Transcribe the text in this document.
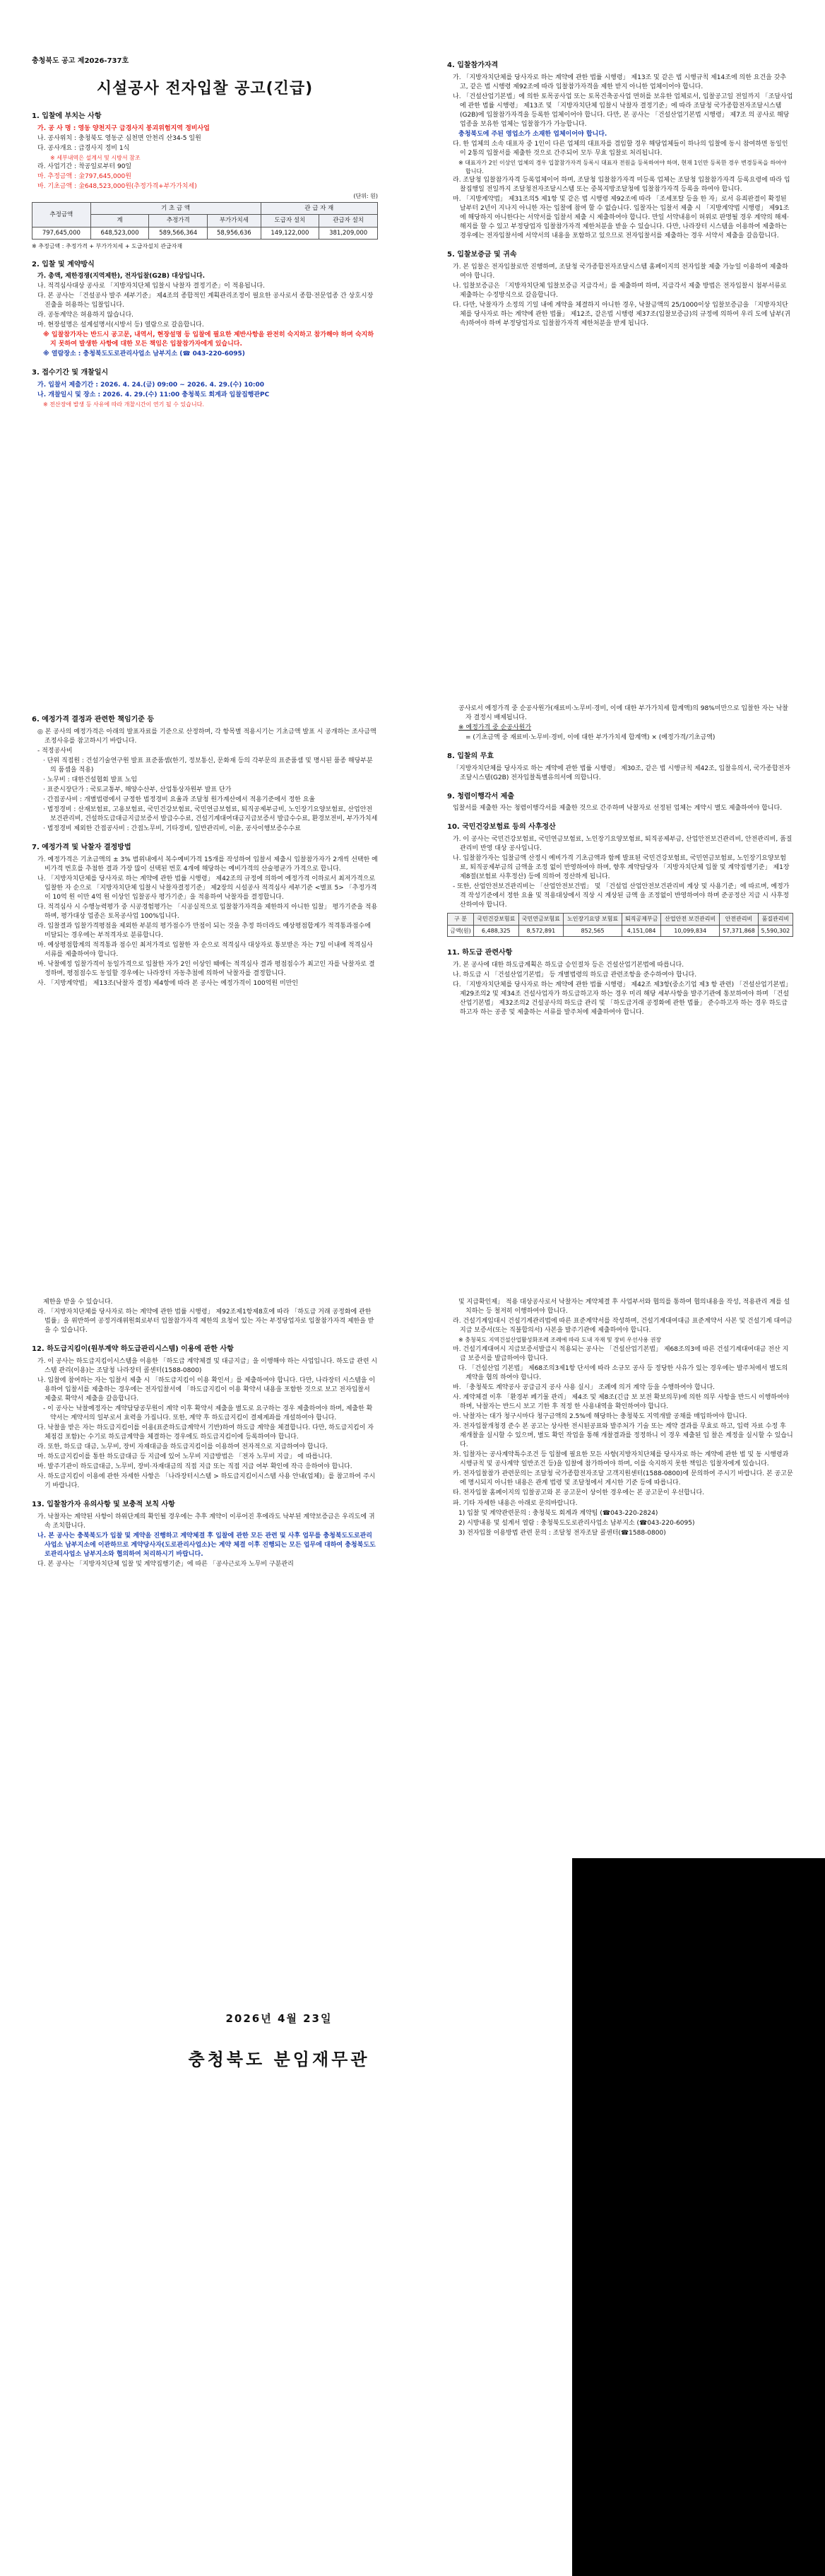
충청북도 공고 제2026-737호
시설공사 전자입찰 공고(긴급)
1. 입찰에 부치는 사항
가. 공 사 명 : 영동 양천지구 급경사지 붕괴위험지역 정비사업
나. 공사위치 : 충청북도 영동군 심천면 안천리 산34-5 일원
다. 공사개요 : 급경사지 정비 1식
※ 세부내역은 설계서 및 시방서 참조
라. 사업기간 : 착공일로부터 90일
마. 추정금액 : 金797,645,000원
바. 기초금액 : 金648,523,000원(추정가격+부가가치세)
(단위: 원)
추정금액	기 초 금 액			관 급 자 재	
	계	추정가격	부가가치세	도급자 설치	관급자 설치
797,645,000	648,523,000	589,566,364	58,956,636	149,122,000	381,209,000
※ 추정금액 : 추정가격 + 부가가치세 + 도급자설치 관급자재
2. 입찰 및 계약방식
가. 총액, 제한경쟁(지역제한), 전자입찰(G2B) 대상입니다.
나. 적격심사대상 공사로 「지방자치단체 입찰시 낙찰자 결정기준」이 적용됩니다.
다. 본 공사는 「건설공사 발주 세부기준」 제4조의 종합적인 계획관리조정이 필요한 공사로서 종합·전문업종 간 상호시장 진출을 허용하는 입찰입니다.
라. 공동계약은 허용하지 않습니다.
마. 현장설명은 설계설명서(시방서 등) 열람으로 갈음합니다.
※ 입찰참가자는 반드시 공고문, 내역서, 현장설명 등 입찰에 필요한 제반사항을 완전히 숙지하고 참가해야 하며 숙지하지 못하여 발생한 사항에 대한 모든 책임은 입찰참가자에게 있습니다.
※ 열람장소 : 충청북도도로관리사업소 남부지소 (☎ 043-220-6095)
3. 접수기간 및 개찰일시
가. 입찰서 제출기간 : 2026. 4. 24.(금) 09:00 ~ 2026. 4. 29.(수) 10:00
나. 개찰일시 및 장소 : 2026. 4. 29.(수) 11:00 충청북도 회계과 입찰집행관PC
※ 전산장애 발생 등 사유에 따라 개찰시간이 연기 될 수 있습니다.
4. 입찰참가자격
가. 「지방자치단체를 당사자로 하는 계약에 관한 법률 시행령」 제13조 및 같은 법 시행규칙 제14조에 의한 요건을 갖추고, 같은 법 시행령 제92조에 따라 입찰참가자격을 제한 받지 아니한 업체이어야 합니다.
나. 「건설산업기본법」에 의한 토목공사업 또는 토목건축공사업 면허를 보유한 업체로서, 입찰공고일 전일까지 「조달사업에 관한 법률 시행령」 제13조 및 「지방자치단체 입찰시 낙찰자 결정기준」에 따라 조달청 국가종합전자조달시스템(G2B)에 입찰참가자격을 등록한 업체이어야 합니다. 다만, 본 공사는 「건설산업기본법 시행령」 제7조 의 공사로 해당 업종을 보유한 업체는 입찰참가가 가능합니다.
충청북도에 주된 영업소가 소재한 업체이어야 합니다.
다. 한 업체의 소속 대표자 중 1인이 다른 업체의 대표자를 겸임할 경우 해당업체들이 하나의 입찰에 동시 참여하면 동일인이 2통의 입찰서를 제출한 것으로 간주되어 모두 무효 입찰로 처리됩니다.
※ 대표자가 2인 이상인 업체의 경우 입찰참가자격 등록시 대표자 전원을 등록하여야 하며, 현재 1인만 등록한 경우 변경등록을 하여야 합니다.
라. 조달청 입찰참가자격 등록업체이어 하며, 조달청 입찰참가자격 미등록 업체는 조달청 입찰참가자격 등록요령에 따라 입찰집행일 전일까지 조달청전자조달시스템 또는 중복지방조달청에 입찰참가자격 등록을 하여야 합니다.
마. 「지방계약법」 제31조의5 제1항 및 같은 법 시행령 제92조에 따라 「조세포탈 등을 한 자」로서 유죄판결이 확정된 날부터 2년이 지나지 아니한 자는 입찰에 참여 할 수 없습니다. 입찰자는 입찰서 제출 시 「지방계약법 시행령」 제91조에 해당하지 아니한다는 서약서를 입찰서 제출 시 제출하여야 합니다. 만일 서약내용이 허위로 판명될 경우 계약의 해제·해지를 할 수 있고 부정당업자 입찰참가자격 제한처분을 받을 수 있습니다. 다만, 나라장터 시스템을 이용하여 제출하는 경우에는 전자입찰서에 서약서의 내용을 포함하고 있으므로 전자입찰서를 제출하는 경우 서약서 제출을 갈음합니다.
5. 입찰보증금 및 귀속
가. 본 입찰은 전자입찰로만 진행하며, 조달청 국가종합전자조달시스템 홈페이지의 전자입찰 제출 가능일 이용하여 제출하여야 합니다.
나. 입찰보증금은 「지방자치단체 입찰보증금 지급각서」를 제출하며 하며, 지급각서 제출 방법은 전자입찰시 첨부서류로 제출하는 수정방식으로 갈음합니다.
다. 다만, 낙찰자가 소정의 기일 내에 계약을 체결하지 아니한 경우, 낙찰금액의 25/1000이상 입찰보증금을 「지방자치단체를 당사자로 하는 계약에 관한 법률」 제12조, 같은법 시행령 제37조(입찰보증금)의 규정에 의하여 우리 도에 납부(귀속)하여야 하며 부정당업자로 입찰참가자격 제한처분을 받게 됩니다.
6. 예정가격 결정과 관련한 책임기준 등
◎ 본 공사의 예정가격은 아래의 발표자료를 기준으로 산정하며, 각 항목별 적용시기는 기초금액 발표 시 공개하는 조사금액조정사유를 참고하시기 바랍니다.
- 적정공사비
· 단위 직접원 : 건설기술연구원 발표 표준품셈(한기, 정보통신, 문화재 등의 각부문의 표준품셈 및 명시된 품종 해당부분의 품셈을 적용)
· 노무비 : 대한건설협회 발표 노임
· 표준시장단가 : 국토교통부, 해양수산부, 산업통상자원부 발표 단가
· 간접공사비 : 개별법령에서 규정한 법정경비 요율과 조달청 원가계산에서 적용기준에서 정한 요율
· 법정경비 : 산재보험료, 고용보험료, 국민건강보험료, 국민연금보험료, 퇴직공제부금비, 노인장기요양보험료, 산업안전보건관리비, 건설하도급대금지급보증서 발급수수료, 건설기계대여대금지급보증서 발급수수료, 환경보전비, 부가가치세
· 법정경비 제외한 간접공사비 : 간접노무비, 기타경비, 일반관리비, 이윤, 공사이행보증수수료
7. 예정가격 및 낙찰자 결정방법
가. 예정가격은 기초금액의 ± 3% 범위내에서 복수예비가격 15개를 작성하여 입찰서 제출시 입찰참가자가 2개씩 선택한 예비가격 번호를 추첨한 결과 가장 많이 선택된 번호 4개에 해당하는 예비가격의 산술평균가 가격으로 합니다.
나. 「지방자치단체를 당사자로 하는 계약에 관한 법률 시행령」 제42조의 규정에 의하여 예정가격 이하로서 최저가격으로 입찰한 자 순으로 「지방자치단체 입찰시 낙찰자결정기준」 제2장의 시설공사 적격심사 세부기준 <별표 5> 「추정가격이 10억 원 이만 4억 원 이상인 입찰공사 평가기준」을 적용하여 낙찰자를 결정합니다.
다. 적격심사 시 수행능력평가 중 시공경험평가는 「시공실적으로 입찰참가자격을 제한하지 아니한 입찰」 평가기준을 적용하며, 평가대상 업종은 토목공사업 100%입니다.
라. 입찰결과 입찰가격평점을 제외한 부분의 평가점수가 만점이 되는 것을 추정 하더라도 예상평점합계가 적격통과점수에 미달되는 경우에는 부적격자로 분류합니다.
마. 예상평점합계의 적격통과 점수인 최저가격로 입찰한 자 순으로 적격심사 대상자로 통보받은 자는 7일 이내에 적격심사서류를 제출하여야 합니다.
바. 낙찰예정 입찰가격이 동일가격으로 입찰한 자가 2인 이상인 때에는 적격심사 결과 평점점수가 최고인 자를 낙찰자로 결정하며, 평점점수도 동일할 경우에는 나라장터 자동추첨에 의하여 낙찰자를 결정합니다.
사. 「지방계약법」 제13조(낙찰자 결정) 제4항에 따라 본 공사는 예정가격이 100억원 미만인
공사로서 예정가격 중 순공사원가(재료비·노무비·경비, 이에 대한 부가가치세 합계액)의 98%미만으로 입찰한 자는 낙찰자 결정시 배제됩니다.
※ 예정가격 중 순공사원가
= (기초금액 중 재료비·노무비·경비, 이에 대한 부가가치세 합계액) × (예정가격/기초금액)
8. 입찰의 무효
「지방자치단체를 당사자로 하는 계약에 관한 법률 시행령」 제30조, 같은 법 시행규칙 제42조, 입찰유의서, 국가종합전자조달시스템(G2B) 전자입찰특별유의서에 의합니다.
9. 청렴이행각서 제출
입찰서를 제출한 자는 청렴이행각서를 제출한 것으로 간주하며 낙찰자로 선정된 업체는 계약시 별도 제출하여야 합니다.
10. 국민건강보험료 등의 사후정산
가. 이 공사는 국민건강보험료, 국민연금보험료, 노인장기요양보험료, 퇴직공제부금, 산업안전보건관리비, 안전관리비, 품질관리비 반영 대상 공사입니다.
나. 입찰참가자는 입찰금액 산정시 예비가격 기초금액과 함께 발표된 국민건강보험료, 국민연금보험료, 노인장기요양보험료, 퇴직공제부금의 금액을 조정 없이 반영하여야 하며, 향후 계약담당자 「지방자치단체 입찰 및 계약집행기준」 제1장 제8절(보험료 사후정산) 등에 의하여 정산하게 됩니다.
- 또한, 산업안전보건관리비는 「산업안전보건법」 및 「건설업 산업안전보건관리비 계상 및 사용기준」에 따르며, 예정가격 작성기준에서 정한 요율 및 적용대상에서 직상 시 계상된 금액 을 조정없이 반영하여야 하며 준공정산 지급 시 사후정산하여야 합니다.
구 분	국민건강보험료	국민연금보험료	노인장기요양 보험료	퇴직공제부금	산업안전 보건관리비	안전관리비	품질관리비
금액(원)	6,488,325	8,572,891	852,565	4,151,084	10,099,834	57,371,868	5,590,302
11. 하도급 관련사항
가. 본 공사에 대한 하도급계획은 하도급 승인절차 등은 건설산업기본법에 따릅니다.
나. 하도급 시 「건설산업기본법」 등 개별법령의 하도급 관련조항을 준수하여야 합니다.
다. 「지방자치단체를 당사자로 하는 계약에 관한 법률 시행령」 제42조 제3항(중소기업 제3 항 관련) 「건설산업기본법」 제29조의2 및 제34조 건설사업자가 하도급하고자 하는 경우 미리 해당 세부사항을 발주기관에 통보하여야 하며 「건설산업기본법」 제32조의2 건설공사의 하도급 관리 및 「하도급거래 공정화에 관한 법률」 준수하고자 하는 경우 하도급하고자 하는 공종 및 제출하는 서류를 발주처에 제출하여야 합니다.
제한을 받을 수 있습니다.
라. 「지방자치단체를 당사자로 하는 계약에 관한 법률 시행령」 제92조제1항제8호에 따라 「하도급 거래 공정화에 관한 법률」을 위반하여 공정거래위원회로부터 입찰참가자격 제한의 요청이 있는 자는 부정당업자로 입찰참가자격 제한을 받을 수 있습니다.
12. 하도급지킴이(원부계약 하도급관리시스템) 이용에 관한 사항
가. 이 공사는 하도급지킴이시스템을 이용한 「하도급 계약체결 및 대금지급」을 이행해야 하는 사업입니다. 하도급 관련 시스템 관리(이용)는 조달청 나라장터 콜센터(1588-0800)
나. 입찰에 참여하는 자는 입찰서 제출 시 「하도급지킴이 이용 확인서」를 제출하여야 합니다. 다만, 나라장터 시스템을 이용하여 입찰서를 제출하는 경우에는 전자입찰서에 「하도급지킴이 이용 확약서 내용을 포함한 것으로 보고 전자입찰서 제출로 확약서 제출을 갈음합니다.
- 이 공사는 낙찰예정자는 계약담당공무원이 계약 이후 확약서 제출을 별도로 요구하는 경우 제출하여야 하며, 제출한 확약서는 계약서의 일부로서 효력을 가집니다. 또한, 계약 후 하도급지킴이 결제계좌를 개설하여야 합니다.
다. 낙찰을 받은 자는 하도급지킴이를 이용(표준하도급계약서 기반)하여 하도급 계약을 체결합니다. 다만, 하도급지킴이 자체점검 포함)는 수기로 하도급계약을 체결하는 경우에도 하도급지킴이에 등록하여야 합니다.
라. 또한, 하도급 대금, 노무비, 장비 자재대금을 하도급지킴이를 이용하여 전자적으로 지급하여야 합니다.
마. 하도급지킴이를 통한 하도급대금 등 지급에 있어 노무비 지급방법은 「전자 노무비 지급」 에 따릅니다.
바. 발주기관이 하도급대금, 노무비, 장비·자재대금의 직접 지급 또는 직접 지급 여부 확인에 작극 응하여야 합니다.
사. 하도급지킴이 이용에 관한 자세한 사항은 「나라장터시스템 > 하도급지킴이시스템 사용 안내(업체)」를 참고하여 주시기 바랍니다.
13. 입찰참가자 유의사항 및 보충적 보칙 사항
가. 낙찰자는 계약된 사항이 하위단계의 확인될 경우에는 추후 계약이 이루어진 후에라도 낙부된 계약보증금은 우리도에 귀속 조치합니다.
나. 본 공사는 충북북도가 입찰 및 계약을 진행하고 계약체결 후 입찰에 관한 모든 관련 및 사후 업무를 충청북도도로관리사업소 남부지소에 이관하므로 계약당사자(도로관리사업소)는 계약 체결 이후 진행되는 모든 업무에 대하여 충청북도도로관리사업소 남부지소와 협의하여 처리하시기 바랍니다.
다. 본 공사는 「지방자치단체 입찰 및 계약집행기준」에 따른 「공사근로자 노무비 구분관리
및 지급확인제」 적용 대상공사로서 낙찰자는 계약체결 후 사업부서와 협의를 통하여 협의내용을 작성, 적용관리 계를 설치하는 등 철저히 이행하여야 합니다.
라. 건설기계임대시 건설기계관리법에 따른 표준계약서를 작성하며, 건설기계대여대금 표준계약서 사본 및 건설기계 대여금 지급 보증서(또는 직불합의서) 사본을 발주기관에 제출하여야 합니다.
※ 충청북도 지역건설산업활성화조례 조례에 따라 도내 자재 및 장비 우선사용 권장
마. 건설기계대여시 지급보증서발급시 적용되는 공사는 「건설산업기본법」 제68조의3에 따른 건설기계대여대금 전산 지급 보증서를 발급하여야 합니다.
다. 「건설산업 기본법」 제68조의3제1항 단서에 따라 소규모 공사 등 정당한 사유가 있는 경우에는 발주처에서 별도의 계약을 협의 하여야 합니다.
바. 「충청북도 계약공사 공급금지 공사 사용 실시」 조례에 의거 계약 등을 수행하여야 합니다.
사. 계약체결 이후 「환경부 페기물 관리」 제4조 및 제8조(긴급 보 보전 확보의무)에 의한 의무 사항을 반드시 이행하여야 하며, 낙찰자는 반드시 보고 기한 후 적정 한 사용내역을 확인하여야 합니다.
아. 낙찰자는 대가 청구시마다 청구금액의 2.5%에 해당하는 충청북도 지역개발 공채를 매입하여야 합니다.
자. 전자입찰개청경 준수 본 공고는 상사한 전시된공표와 발주처가 기술 또는 계약 결과를 무효로 하고, 입력 자료 수정 후 재개찰을 실시할 수 있으며, 별도 확인 작업을 통해 개찰결과를 정정하니 이 경우 제출된 입 찰은 계정을 실시할 수 있습니다.
차. 입찰자는 공사계약특수조건 등 입찰에 필요한 모든 사항(지방자치단체를 당사자로 하는 계약에 관한 법 및 동 시행령과 시행규칙 및 공사계약 일반조건 등)을 입찰에 참가하여야 하며, 이를 숙지하지 못한 책임은 입찰자에게 있습니다.
카. 전자입찰참가 관련문의는 조달청 국가종합전자조달 고객지원센터(1588-0800)에 문의하여 주시기 바랍니다. 본 공고문에 명시되지 아니한 내용은 관계 법령 및 조달청에서 게시한 기준 등에 따릅니다.
타. 전자입찰 홈페이지의 입찰공고와 본 공고문이 상이한 경우에는 본 공고문이 우선합니다.
파. 기타 자세한 내용은 아래로 문의바랍니다.
1) 입찰 및 계약관련문의 : 충청북도 회계과 계약팀 (☎043-220-2824)
2) 시방내용 및 설계서 열람 : 충청북도도로관리사업소 남부지소 (☎043-220-6095)
3) 전자입찰 이용방법 관련 문의 : 조달청 전자조달 콜센터(☎1588-0800)
2026년 4월 23일
충청북도 분임재무관
